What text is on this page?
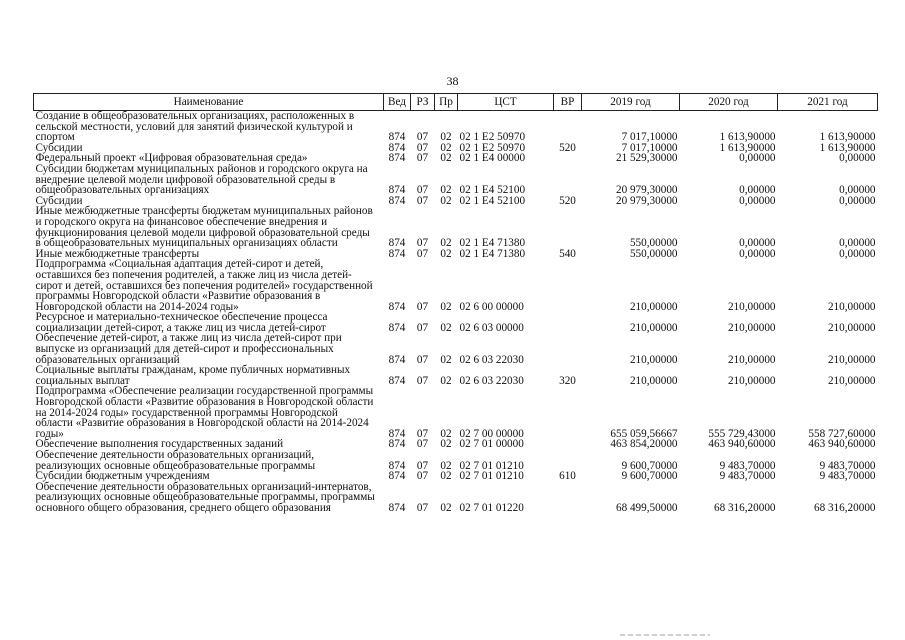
38
Наименование	Вед	РЗ	Пр	ЦСТ	ВР	2019 год	2020 год	2021 год
Создание в общеобразовательных организациях, расположенных в сельской местности, условий для занятий физической культурой и спортом	874	07	02	02 1 E2 50970		7 017,10000	1 613,90000	1 613,90000
Субсидии	874	07	02	02 1 E2 50970	520	7 017,10000	1 613,90000	1 613,90000
Федеральный проект «Цифровая образовательная среда»	874	07	02	02 1 E4 00000		21 529,30000	0,00000	0,00000
Субсидии бюджетам муниципальных районов и городского округа на внедрение целевой модели цифровой образовательной среды в общеобразовательных организациях	874	07	02	02 1 E4 52100		20 979,30000	0,00000	0,00000
Субсидии	874	07	02	02 1 E4 52100	520	20 979,30000	0,00000	0,00000
Иные межбюджетные трансферты бюджетам муниципальных районов и городского округа на финансовое обеспечение внедрения и функционирования целевой модели цифровой образовательной среды в общеобразовательных муниципальных организациях области	874	07	02	02 1 E4 71380		550,00000	0,00000	0,00000
Иные межбюджетные трансферты	874	07	02	02 1 E4 71380	540	550,00000	0,00000	0,00000
Подпрограмма «Социальная адаптация детей-сирот и детей, оставшихся без попечения родителей, а также лиц из числа детей-сирот и детей, оставшихся без попечения родителей» государственной программы Новгородской области «Развитие образования в Новгородской области на 2014-2024 годы»	874	07	02	02 6 00 00000		210,00000	210,00000	210,00000
Ресурсное и материально-техническое обеспечение процесса социализации детей-сирот, а также лиц из числа детей-сирот	874	07	02	02 6 03 00000		210,00000	210,00000	210,00000
Обеспечение детей-сирот, а также лиц из числа детей-сирот при выпуске из организаций для детей-сирот и профессиональных образовательных организаций	874	07	02	02 6 03 22030		210,00000	210,00000	210,00000
Социальные выплаты гражданам, кроме публичных нормативных социальных выплат	874	07	02	02 6 03 22030	320	210,00000	210,00000	210,00000
Подпрограмма «Обеспечение реализации государственной программы Новгородской области «Развитие образования в Новгородской области на 2014-2024 годы» государственной программы Новгородской области «Развитие образования в Новгородской области на 2014-2024 годы»	874	07	02	02 7 00 00000		655 059,56667	555 729,43000	558 727,60000
Обеспечение выполнения государственных заданий	874	07	02	02 7 01 00000		463 854,20000	463 940,60000	463 940,60000
Обеспечение деятельности образовательных организаций, реализующих основные общеобразовательные программы	874	07	02	02 7 01 01210		9 600,70000	9 483,70000	9 483,70000
Субсидии бюджетным учреждениям	874	07	02	02 7 01 01210	610	9 600,70000	9 483,70000	9 483,70000
Обеспечение деятельности образовательных организаций-интернатов, реализующих основные общеобразовательные программы, программы основного общего образования, среднего общего образования	874	07	02	02 7 01 01220		68 499,50000	68 316,20000	68 316,20000
